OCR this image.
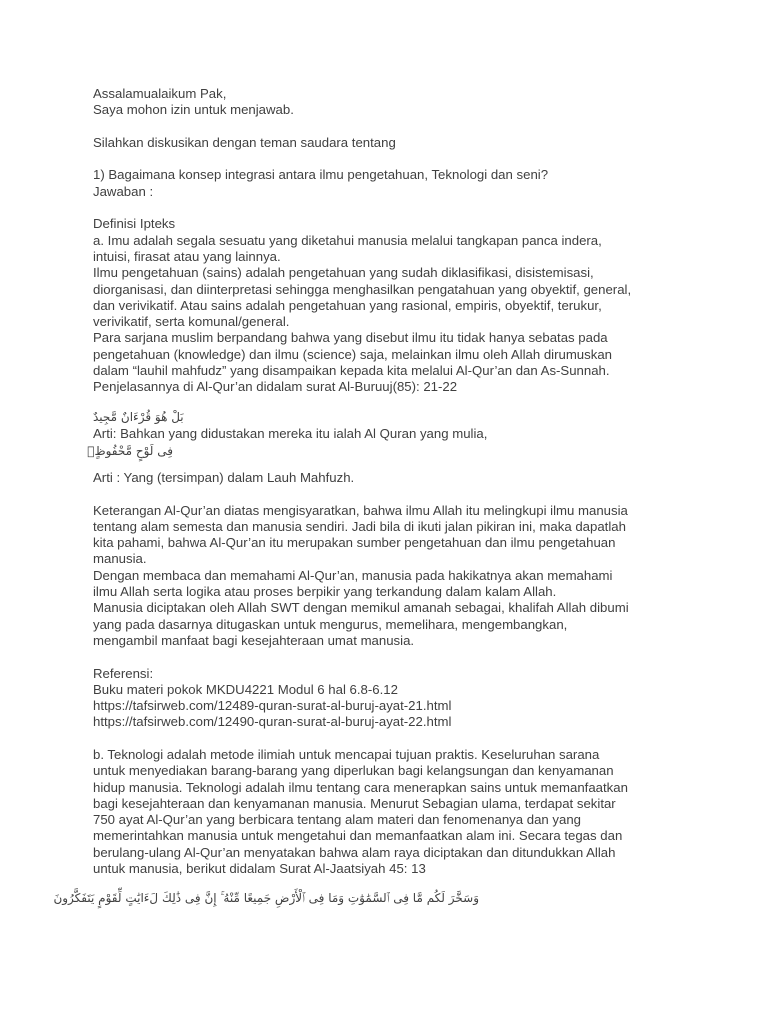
Assalamualaikum Pak,
Saya mohon izin untuk menjawab.
Silahkan diskusikan dengan teman saudara tentang
1) Bagaimana konsep integrasi antara ilmu pengetahuan, Teknologi dan seni?
Jawaban :
Definisi Ipteks
a. Imu adalah segala sesuatu yang diketahui manusia melalui tangkapan panca indera,
intuisi, firasat atau yang lainnya.
Ilmu pengetahuan (sains) adalah pengetahuan yang sudah diklasifikasi, disistemisasi,
diorganisasi, dan diinterpretasi sehingga menghasilkan pengatahuan yang obyektif, general,
dan verivikatif. Atau sains adalah pengetahuan yang rasional, empiris, obyektif, terukur,
verivikatif, serta komunal/general.
Para sarjana muslim berpandang bahwa yang disebut ilmu itu tidak hanya sebatas pada
pengetahuan (knowledge) dan ilmu (science) saja, melainkan ilmu oleh Allah dirumuskan
dalam “lauhil mahfudz” yang disampaikan kepada kita melalui Al-Qur’an dan As-Sunnah.
Penjelasannya di Al-Qur’an didalam surat Al-Buruuj(85): 21-22
بَلْ هُوَ قُرْءَانٌ مَّجِيدٌ
Arti: Bahkan yang didustakan mereka itu ialah Al Quran yang mulia,
فِى لَوْحٍ مَّحْفُوظٍۭ
Arti : Yang (tersimpan) dalam Lauh Mahfuzh.
Keterangan Al-Qur’an diatas mengisyaratkan, bahwa ilmu Allah itu melingkupi ilmu manusia
tentang alam semesta dan manusia sendiri. Jadi bila di ikuti jalan pikiran ini, maka dapatlah
kita pahami, bahwa Al-Qur’an itu merupakan sumber pengetahuan dan ilmu pengetahuan
manusia.
Dengan membaca dan memahami Al-Qur’an, manusia pada hakikatnya akan memahami
ilmu Allah serta logika atau proses berpikir yang terkandung dalam kalam Allah.
Manusia diciptakan oleh Allah SWT dengan memikul amanah sebagai, khalifah Allah dibumi
yang pada dasarnya ditugaskan untuk mengurus, memelihara, mengembangkan,
mengambil manfaat bagi kesejahteraan umat manusia.
Referensi:
Buku materi pokok MKDU4221 Modul 6 hal 6.8-6.12
https://tafsirweb.com/12489-quran-surat-al-buruj-ayat-21.html
https://tafsirweb.com/12490-quran-surat-al-buruj-ayat-22.html
b. Teknologi adalah metode ilimiah untuk mencapai tujuan praktis. Keseluruhan sarana
untuk menyediakan barang-barang yang diperlukan bagi kelangsungan dan kenyamanan
hidup manusia. Teknologi adalah ilmu tentang cara menerapkan sains untuk memanfaatkan
bagi kesejahteraan dan kenyamanan manusia. Menurut Sebagian ulama, terdapat sekitar
750 ayat Al-Qur’an yang berbicara tentang alam materi dan fenomenanya dan yang
memerintahkan manusia untuk mengetahui dan memanfaatkan alam ini. Secara tegas dan
berulang-ulang Al-Qur’an menyatakan bahwa alam raya diciptakan dan ditundukkan Allah
untuk manusia, berikut didalam Surat Al-Jaatsiyah 45: 13
وَسَخَّرَ لَكُم مَّا فِى ٱلسَّمَٰوَٰتِ وَمَا فِى ٱلْأَرْضِ جَمِيعًا مِّنْهُ ۚ إِنَّ فِى ذَٰلِكَ لَءَايَٰتٍ لِّقَوْمٍ يَتَفَكَّرُونَ
